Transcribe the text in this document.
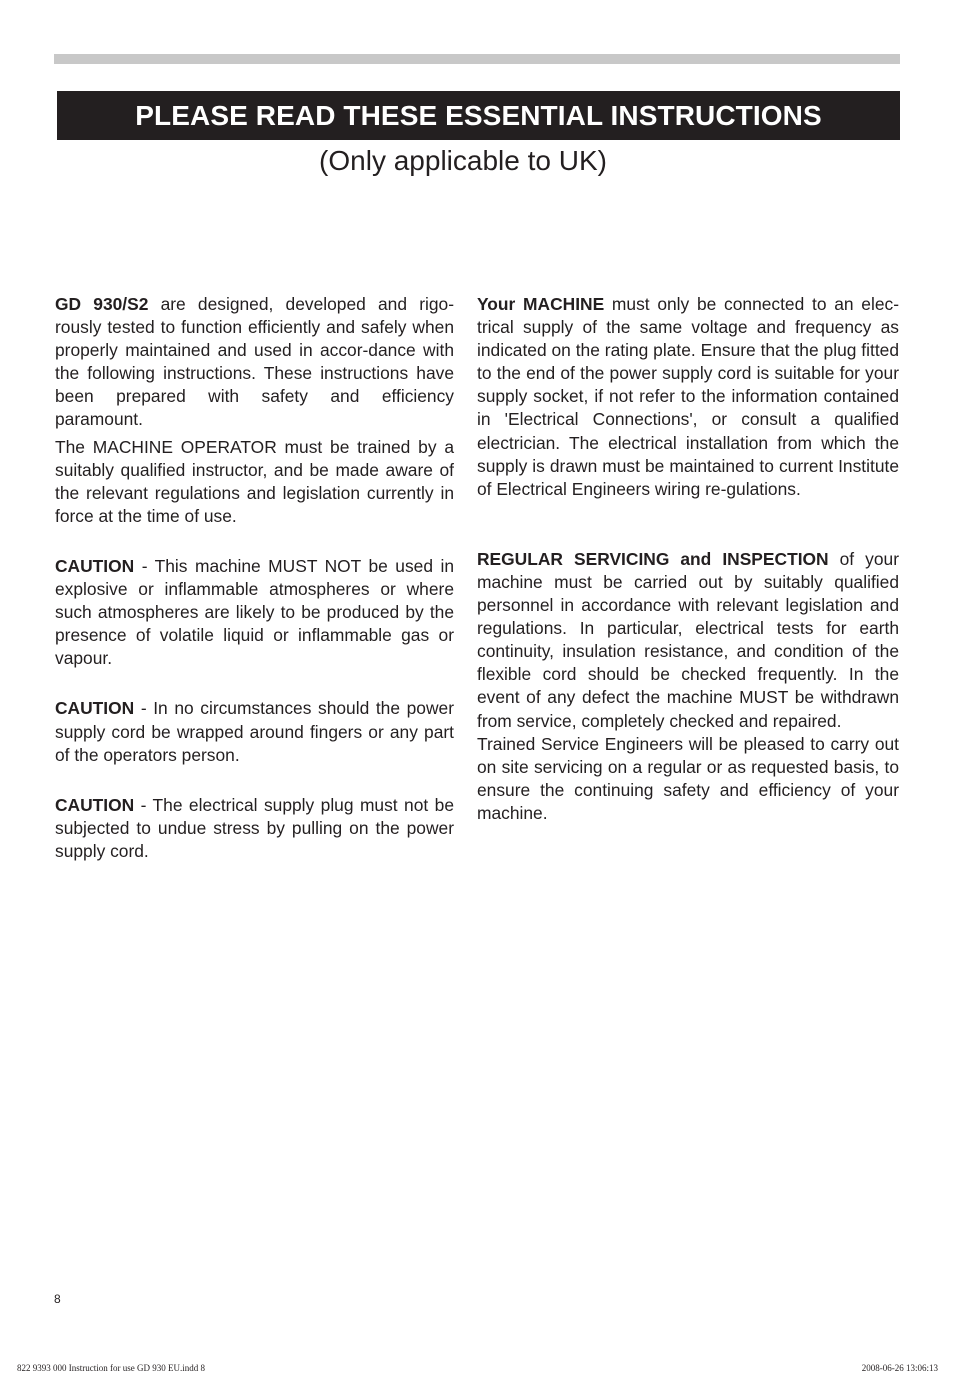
PLEASE READ THESE ESSENTIAL INSTRUCTIONS
(Only applicable to UK)

GD 930/S2 are designed, developed and rigo-rously tested to function efficiently and safely when properly maintained and used in accor-dance with the following instructions. These instructions have been prepared with safety and efficiency paramount.

The MACHINE OPERATOR must be trained by a suitably qualified instructor, and be made aware of the relevant regulations and legislation currently in force at the time of use.

CAUTION - This machine MUST NOT be used in explosive or inflammable atmospheres or where such atmospheres are likely to be produced by the presence of volatile liquid or inflammable gas or vapour.

CAUTION - In no circumstances should the power supply cord be wrapped around fingers or any part of the operators person.

CAUTION - The electrical supply plug must not be subjected to undue stress by pulling on the power supply cord.

Your MACHINE must only be connected to an elec-trical supply of the same voltage and frequency as indicated on the rating plate. Ensure that the plug fitted to the end of the power supply cord is suitable for your supply socket, if not refer to the information contained in 'Electrical Connections', or consult a qualified electrician. The electrical installation from which the supply is drawn must be maintained to current Institute of Electrical Engineers wiring re-gulations.

REGULAR SERVICING and INSPECTION of your machine must be carried out by suitably qualified personnel in accordance with relevant legislation and regulations. In particular, electrical tests for earth continuity, insulation resistance, and condition of the flexible cord should be checked frequently. In the event of any defect the machine MUST be withdrawn from service, completely checked and repaired.

Trained Service Engineers will be pleased to carry out on site servicing on a regular or as requested basis, to ensure the continuing safety and efficiency of your machine.

8
822 9393 000 Instruction for use GD 930 EU.indd 8	2008-06-26 13:06:13
